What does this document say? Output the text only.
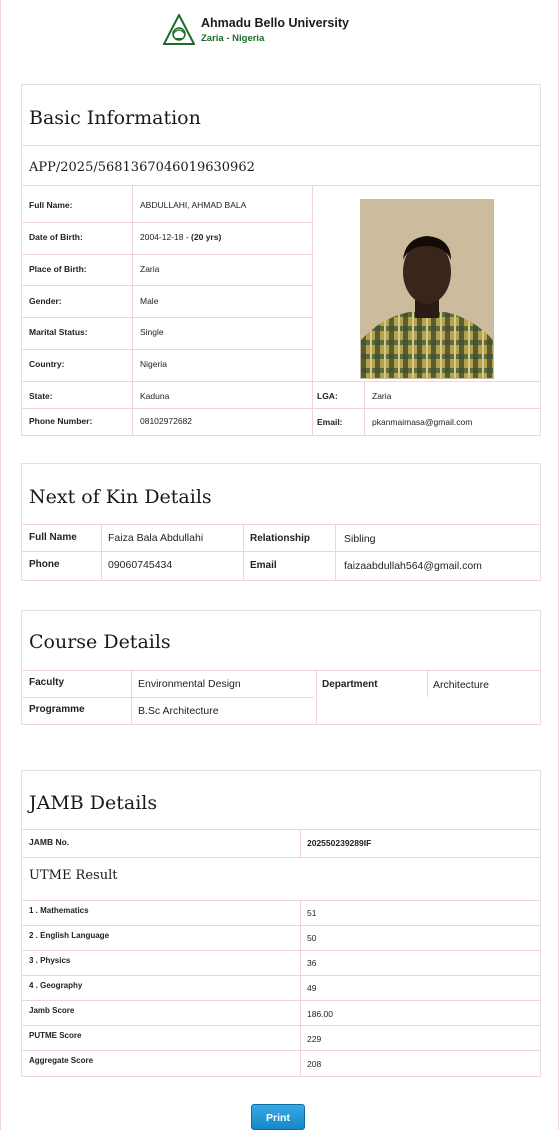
Ahmadu Bello University
Zaria - Nigeria
Basic Information
APP/2025/5681367046019630962
Full Name:	ABDULLAHI, AHMAD BALA
Date of Birth:	2004-12-18 - (20 yrs)
Place of Birth:	Zaria
Gender:	Male
Marital Status:	Single
Country:	Nigeria
State:	Kaduna	LGA:	Zaria
Phone Number:	08102972682	Email:	pkanmaimasa@gmail.com
Next of Kin Details
Full Name	Faiza Bala Abdullahi	Relationship	Sibling
Phone	09060745434	Email	faizaabdullah564@gmail.com
Course Details
Faculty	Environmental Design	Department	Architecture
Programme	B.Sc Architecture
JAMB Details
JAMB No.	202550239289IF
UTME Result
1 . Mathematics	51
2 . English Language	50
3 . Physics	36
4 . Geography	49
Jamb Score	186.00
PUTME Score	229
Aggregate Score	208
Print
